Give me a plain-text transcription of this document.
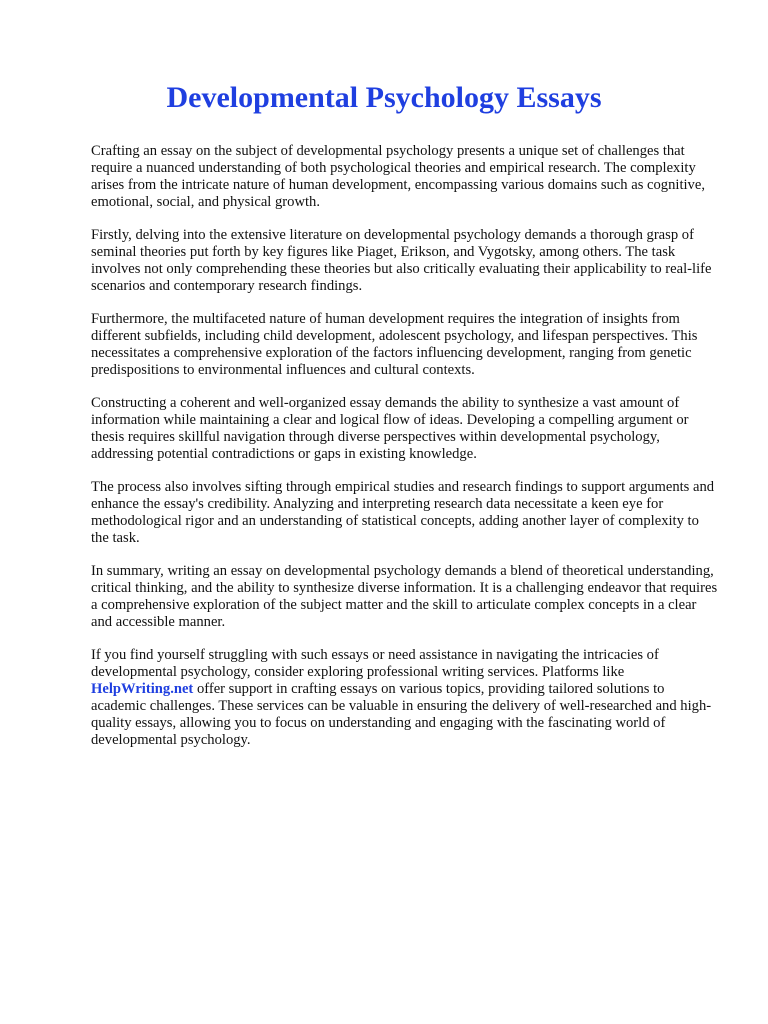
Developmental Psychology Essays

Crafting an essay on the subject of developmental psychology presents a unique set of challenges that require a nuanced understanding of both psychological theories and empirical research. The complexity arises from the intricate nature of human development, encompassing various domains such as cognitive, emotional, social, and physical growth.

Firstly, delving into the extensive literature on developmental psychology demands a thorough grasp of seminal theories put forth by key figures like Piaget, Erikson, and Vygotsky, among others. The task involves not only comprehending these theories but also critically evaluating their applicability to real-life scenarios and contemporary research findings.

Furthermore, the multifaceted nature of human development requires the integration of insights from different subfields, including child development, adolescent psychology, and lifespan perspectives. This necessitates a comprehensive exploration of the factors influencing development, ranging from genetic predispositions to environmental influences and cultural contexts.

Constructing a coherent and well-organized essay demands the ability to synthesize a vast amount of information while maintaining a clear and logical flow of ideas. Developing a compelling argument or thesis requires skillful navigation through diverse perspectives within developmental psychology, addressing potential contradictions or gaps in existing knowledge.

The process also involves sifting through empirical studies and research findings to support arguments and enhance the essay's credibility. Analyzing and interpreting research data necessitate a keen eye for methodological rigor and an understanding of statistical concepts, adding another layer of complexity to the task.

In summary, writing an essay on developmental psychology demands a blend of theoretical understanding, critical thinking, and the ability to synthesize diverse information. It is a challenging endeavor that requires a comprehensive exploration of the subject matter and the skill to articulate complex concepts in a clear and accessible manner.

If you find yourself struggling with such essays or need assistance in navigating the intricacies of developmental psychology, consider exploring professional writing services. Platforms like HelpWriting.net offer support in crafting essays on various topics, providing tailored solutions to academic challenges. These services can be valuable in ensuring the delivery of well-researched and high-quality essays, allowing you to focus on understanding and engaging with the fascinating world of developmental psychology.
